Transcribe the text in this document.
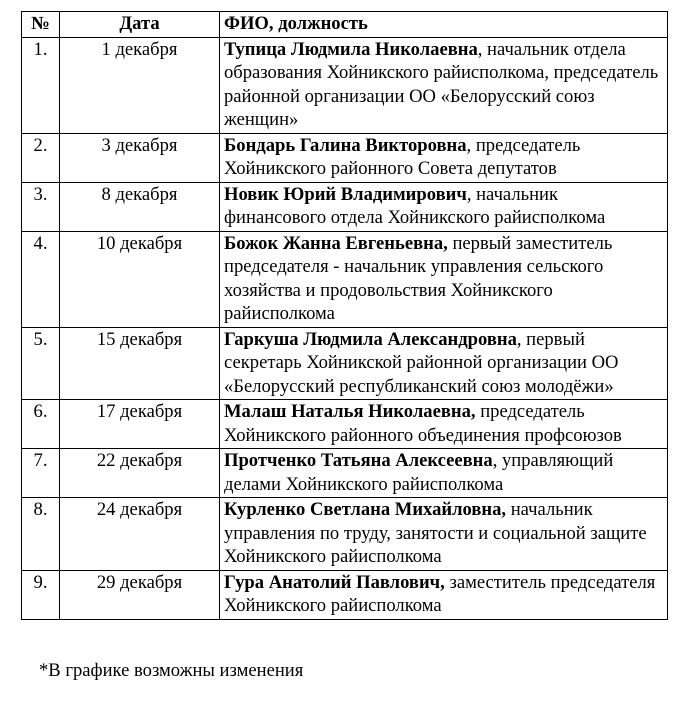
№	Дата	ФИО, должность
1.	1 декабря	Тупица Людмила Николаевна, начальник отдела образования Хойникского райисполкома, председатель районной организации ОО «Белорусский союз женщин»
2.	3 декабря	Бондарь Галина Викторовна, председатель Хойникского районного Совета депутатов
3.	8 декабря	Новик Юрий Владимирович, начальник финансового отдела Хойникского райисполкома
4.	10 декабря	Божок Жанна Евгеньевна, первый заместитель председателя - начальник управления сельского хозяйства и продовольствия Хойникского райисполкома
5.	15 декабря	Гаркуша Людмила Александровна, первый секретарь Хойникской районной организации ОО «Белорусский республиканский союз молодёжи»
6.	17 декабря	Малаш Наталья Николаевна, председатель Хойникского районного объединения профсоюзов
7.	22 декабря	Протченко Татьяна Алексеевна, управляющий делами Хойникского райисполкома
8.	24 декабря	Курленко Светлана Михайловна, начальник управления по труду, занятости и социальной защите Хойникского райисполкома
9.	29 декабря	Гура Анатолий Павлович, заместитель председателя Хойникского райисполкома
*В графике возможны изменения
